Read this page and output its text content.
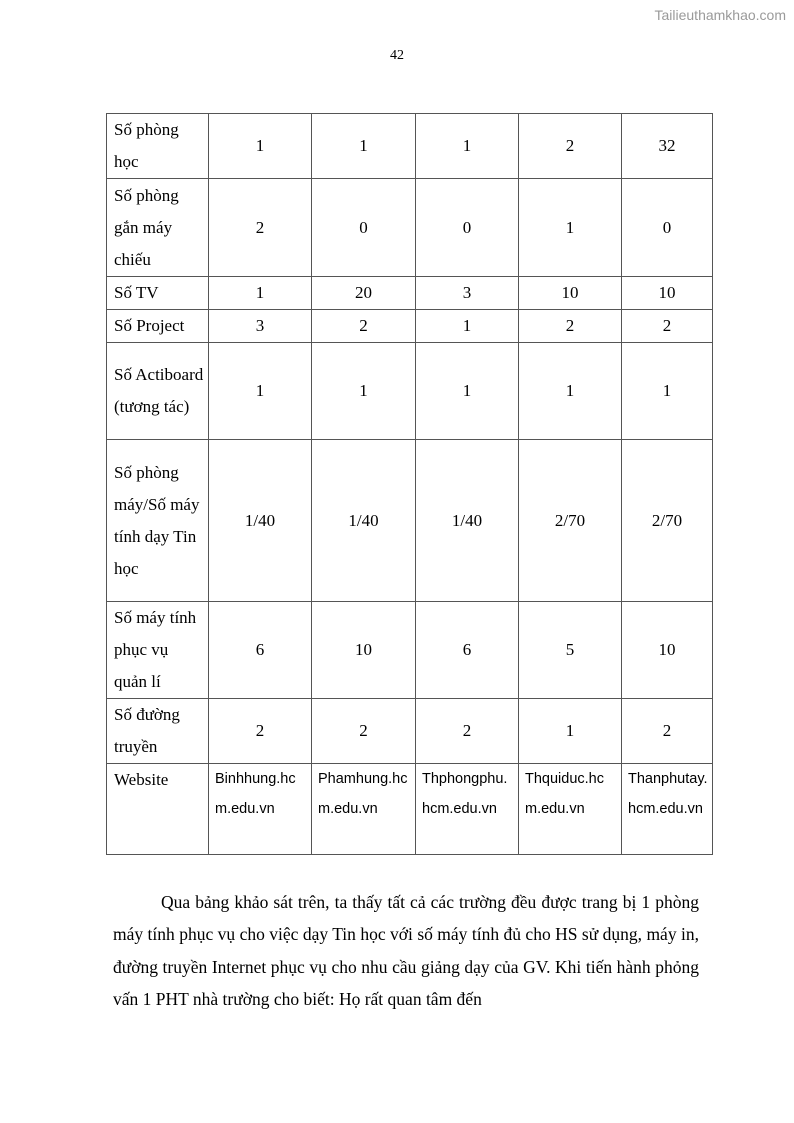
Tailieuthamkhao.com
42
Số phòng học	1	1	1	2	32
Số phòng gắn máy chiếu	2	0	0	1	0
Số TV	1	20	3	10	10
Số Project	3	2	1	2	2
Số Actiboard (tương tác)	1	1	1	1	1
Số phòng máy/Số máy tính dạy Tin học	1/40	1/40	1/40	2/70	2/70
Số máy tính phục vụ quản lí	6	10	6	5	10
Số đường truyền	2	2	2	1	2
Website	Binhhung.hcm.edu.vn	Phamhung.hcm.edu.vn	Thphongphu. hcm.edu.vn	Thquiduc.hcm.edu.vn	Thanphutay.hcm.edu.vn

Qua bảng khảo sát trên, ta thấy tất cả các trường đều được trang bị 1 phòng máy tính phục vụ cho việc dạy Tin học với số máy tính đủ cho HS sử dụng, máy in, đường truyền Internet phục vụ cho nhu cầu giảng dạy của GV. Khi tiến hành phỏng vấn 1 PHT nhà trường cho biết: Họ rất quan tâm đến
